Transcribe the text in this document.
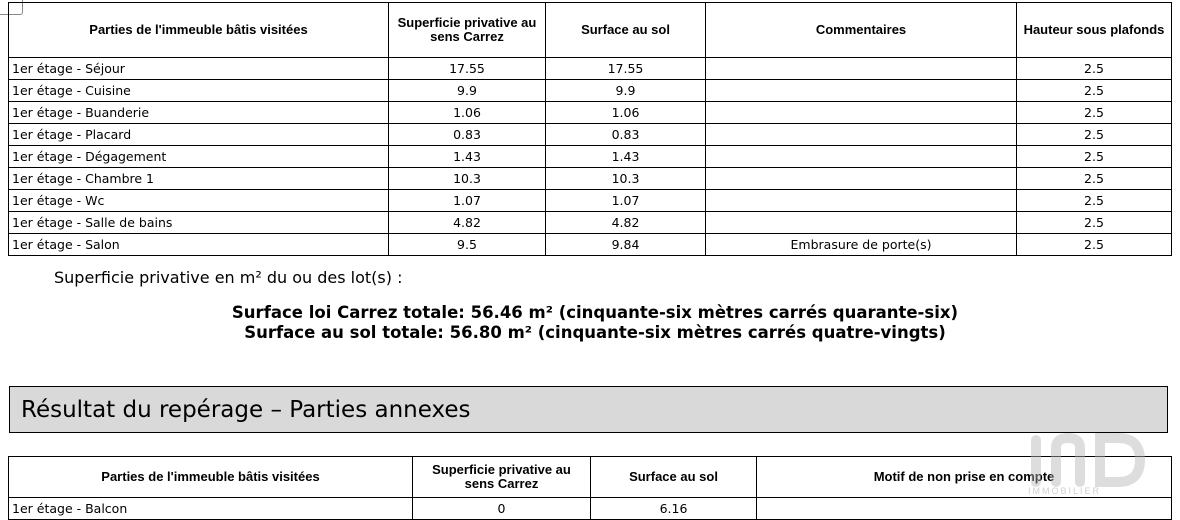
Parties de l'immeuble bâtis visitées	Superficie privative au sens Carrez	Surface au sol	Commentaires	Hauteur sous plafonds
1er étage - Séjour	17.55	17.55		2.5
1er étage - Cuisine	9.9	9.9		2.5
1er étage - Buanderie	1.06	1.06		2.5
1er étage - Placard	0.83	0.83		2.5
1er étage - Dégagement	1.43	1.43		2.5
1er étage - Chambre 1	10.3	10.3		2.5
1er étage - Wc	1.07	1.07		2.5
1er étage - Salle de bains	4.82	4.82		2.5
1er étage - Salon	9.5	9.84	Embrasure de porte(s)	2.5
Superficie privative en m² du ou des lot(s) :
Surface loi Carrez totale: 56.46 m² (cinquante-six mètres carrés quarante-six)
Surface au sol totale: 56.80 m² (cinquante-six mètres carrés quatre-vingts)
Résultat du repérage – Parties annexes
Parties de l'immeuble bâtis visitées	Superficie privative au sens Carrez	Surface au sol	Motif de non prise en compte
1er étage - Balcon	0	6.16	
IMMOBILIER
